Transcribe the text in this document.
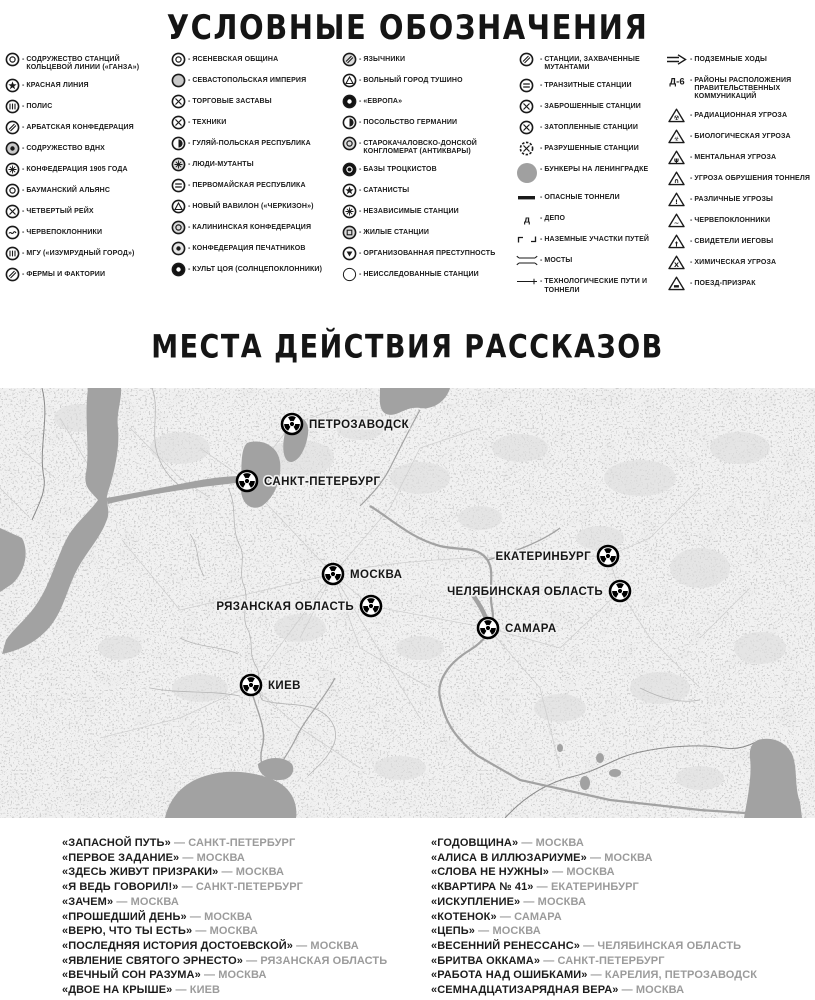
УСЛОВНЫЕ ОБОЗНАЧЕНИЯ
- СОДРУЖЕСТВО СТАНЦИЙ КОЛЬЦЕВОЙ ЛИНИИ («ГАНЗА»)
- КРАСНАЯ ЛИНИЯ
- ПОЛИС
- АРБАТСКАЯ КОНФЕДЕРАЦИЯ
- СОДРУЖЕСТВО ВДНХ
- КОНФЕДЕРАЦИЯ 1905 ГОДА
- БАУМАНСКИЙ АЛЬЯНС
- ЧЕТВЕРТЫЙ РЕЙХ
- ЧЕРВЕПОКЛОННИКИ
- МГУ («ИЗУМРУДНЫЙ ГОРОД»)
- ФЕРМЫ И ФАКТОРИИ
- ЯСЕНЕВСКАЯ ОБЩИНА
- СЕВАСТОПОЛЬСКАЯ ИМПЕРИЯ
- ТОРГОВЫЕ ЗАСТАВЫ
- ТЕХНИКИ
- ГУЛЯЙ-ПОЛЬСКАЯ РЕСПУБЛИКА
- ЛЮДИ-МУТАНТЫ
- ПЕРВОМАЙСКАЯ РЕСПУБЛИКА
- НОВЫЙ ВАВИЛОН («ЧЕРКИЗОН»)
- КАЛИНИНСКАЯ КОНФЕДЕРАЦИЯ
- КОНФЕДЕРАЦИЯ ПЕЧАТНИКОВ
- КУЛЬТ ЦОЯ (СОЛНЦЕПОКЛОННИКИ)
- ЯЗЫЧНИКИ
- ВОЛЬНЫЙ ГОРОД ТУШИНО
- «ЕВРОПА»
- ПОСОЛЬСТВО ГЕРМАНИИ
- СТАРОКАЧАЛОВСКО-ДОНСКОЙ КОНГЛОМЕРАТ (АНТИКВАРЫ)
- БАЗЫ ТРОЦКИСТОВ
- САТАНИСТЫ
- НЕЗАВИСИМЫЕ СТАНЦИИ
- ЖИЛЫЕ СТАНЦИИ
- ОРГАНИЗОВАННАЯ ПРЕСТУПНОСТЬ
- НЕИССЛЕДОВАННЫЕ СТАНЦИИ
- СТАНЦИИ, ЗАХВАЧЕННЫЕ МУТАНТАМИ
- ТРАНЗИТНЫЕ СТАНЦИИ
- ЗАБРОШЕННЫЕ СТАНЦИИ
- ЗАТОПЛЕННЫЕ СТАНЦИИ
- РАЗРУШЕННЫЕ СТАНЦИИ
- БУНКЕРЫ НА ЛЕНИНГРАДКЕ
- ОПАСНЫЕ ТОННЕЛИ
д - ДЕПО
- НАЗЕМНЫЕ УЧАСТКИ ПУТЕЙ
- МОСТЫ
- ТЕХНОЛОГИЧЕСКИЕ ПУТИ И ТОННЕЛИ
- ПОДЗЕМНЫЕ ХОДЫ
Д-6 - РАЙОНЫ РАСПОЛОЖЕНИЯ ПРАВИТЕЛЬСТВЕННЫХ КОММУНИКАЦИЙ
☢ - РАДИАЦИОННАЯ УГРОЗА
☣ - БИОЛОГИЧЕСКАЯ УГРОЗА
ψ - МЕНТАЛЬНАЯ УГРОЗА
∩ - УГРОЗА ОБРУШЕНИЯ ТОННЕЛЯ
! - РАЗЛИЧНЫЕ УГРОЗЫ
~ - ЧЕРВЕПОКЛОННИКИ
† - СВИДЕТЕЛИ ИЕГОВЫ
Х - ХИМИЧЕСКАЯ УГРОЗА
▬ - ПОЕЗД-ПРИЗРАК
МЕСТА ДЕЙСТВИЯ РАССКАЗОВ
ПЕТРОЗАВОДСК
САНКТ-ПЕТЕРБУРГ
МОСКВА
ЕКАТЕРИНБУРГ
ЧЕЛЯБИНСКАЯ ОБЛАСТЬ
РЯЗАНСКАЯ ОБЛАСТЬ
САМАРА
КИЕВ
«ЗАПАСНОЙ ПУТЬ» — САНКТ-ПЕТЕРБУРГ
«ПЕРВОЕ ЗАДАНИЕ» — МОСКВА
«ЗДЕСЬ ЖИВУТ ПРИЗРАКИ» — МОСКВА
«Я ВЕДЬ ГОВОРИЛ!» — САНКТ-ПЕТЕРБУРГ
«ЗАЧЕМ» — МОСКВА
«ПРОШЕДШИЙ ДЕНЬ» — МОСКВА
«ВЕРЮ, ЧТО ТЫ ЕСТЬ» — МОСКВА
«ПОСЛЕДНЯЯ ИСТОРИЯ ДОСТОЕВСКОЙ» — МОСКВА
«ЯВЛЕНИЕ СВЯТОГО ЭРНЕСТО» — РЯЗАНСКАЯ ОБЛАСТЬ
«ВЕЧНЫЙ СОН РАЗУМА» — МОСКВА
«ДВОЕ НА КРЫШЕ» — КИЕВ
«ГОДОВЩИНА» — МОСКВА
«АЛИСА В ИЛЛЮЗАРИУМЕ» — МОСКВА
«СЛОВА НЕ НУЖНЫ» — МОСКВА
«КВАРТИРА № 41» — ЕКАТЕРИНБУРГ
«ИСКУПЛЕНИЕ» — МОСКВА
«КОТЕНОК» — САМАРА
«ЦЕПЬ» — МОСКВА
«ВЕСЕННИЙ РЕНЕССАНС» — ЧЕЛЯБИНСКАЯ ОБЛАСТЬ
«БРИТВА ОККАМА» — САНКТ-ПЕТЕРБУРГ
«РАБОТА НАД ОШИБКАМИ» — КАРЕЛИЯ, ПЕТРОЗАВОДСК
«СЕМНАДЦАТИЗАРЯДНАЯ ВЕРА» — МОСКВА
